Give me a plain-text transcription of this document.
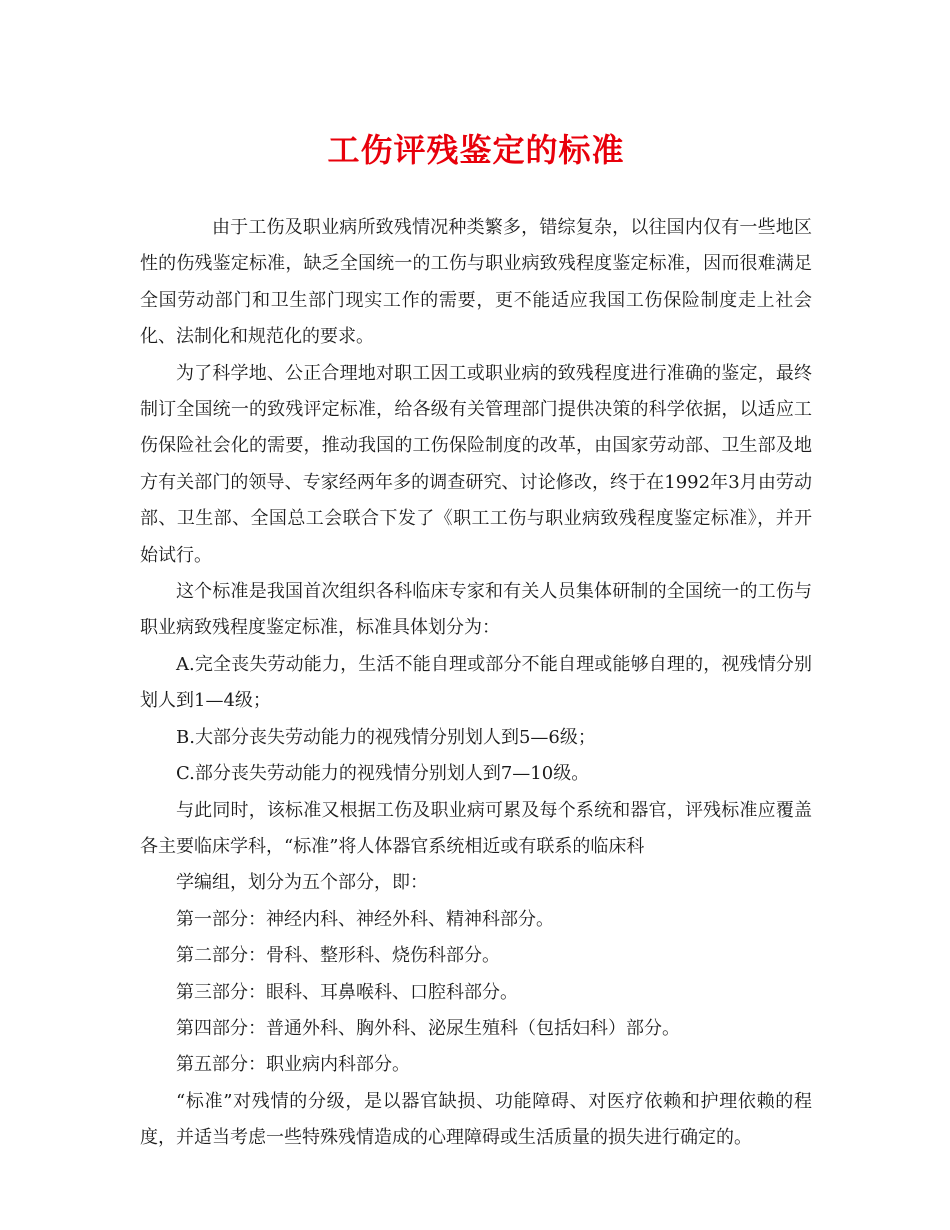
工伤评残鉴定的标准

由于工伤及职业病所致残情况种类繁多，错综复杂，以往国内仅有一些地区性的伤残鉴定标准，缺乏全国统一的工伤与职业病致残程度鉴定标准，因而很难满足全国劳动部门和卫生部门现实工作的需要，更不能适应我国工伤保险制度走上社会化、法制化和规范化的要求。

为了科学地、公正合理地对职工因工或职业病的致残程度进行准确的鉴定，最终制订全国统一的致残评定标准，给各级有关管理部门提供决策的科学依据，以适应工伤保险社会化的需要，推动我国的工伤保险制度的改革，由国家劳动部、卫生部及地方有关部门的领导、专家经两年多的调查研究、讨论修改，终于在1992年3月由劳动部、卫生部、全国总工会联合下发了《职工工伤与职业病致残程度鉴定标准》，并开始试行。

这个标准是我国首次组织各科临床专家和有关人员集体研制的全国统一的工伤与职业病致残程度鉴定标准，标准具体划分为：

A.完全丧失劳动能力，生活不能自理或部分不能自理或能够自理的，视残情分别划人到1—4级；

B.大部分丧失劳动能力的视残情分别划人到5—6级；

C.部分丧失劳动能力的视残情分别划人到7—10级。

与此同时，该标准又根据工伤及职业病可累及每个系统和器官，评残标准应覆盖各主要临床学科，“标准”将人体器官系统相近或有联系的临床科

学编组，划分为五个部分，即：

第一部分：神经内科、神经外科、精神科部分。

第二部分：骨科、整形科、烧伤科部分。

第三部分：眼科、耳鼻喉科、口腔科部分。

第四部分：普通外科、胸外科、泌尿生殖科（包括妇科）部分。

第五部分：职业病内科部分。

“标准”对残情的分级，是以器官缺损、功能障碍、对医疗依赖和护理依赖的程度，并适当考虑一些特殊残情造成的心理障碍或生活质量的损失进行确定的。
